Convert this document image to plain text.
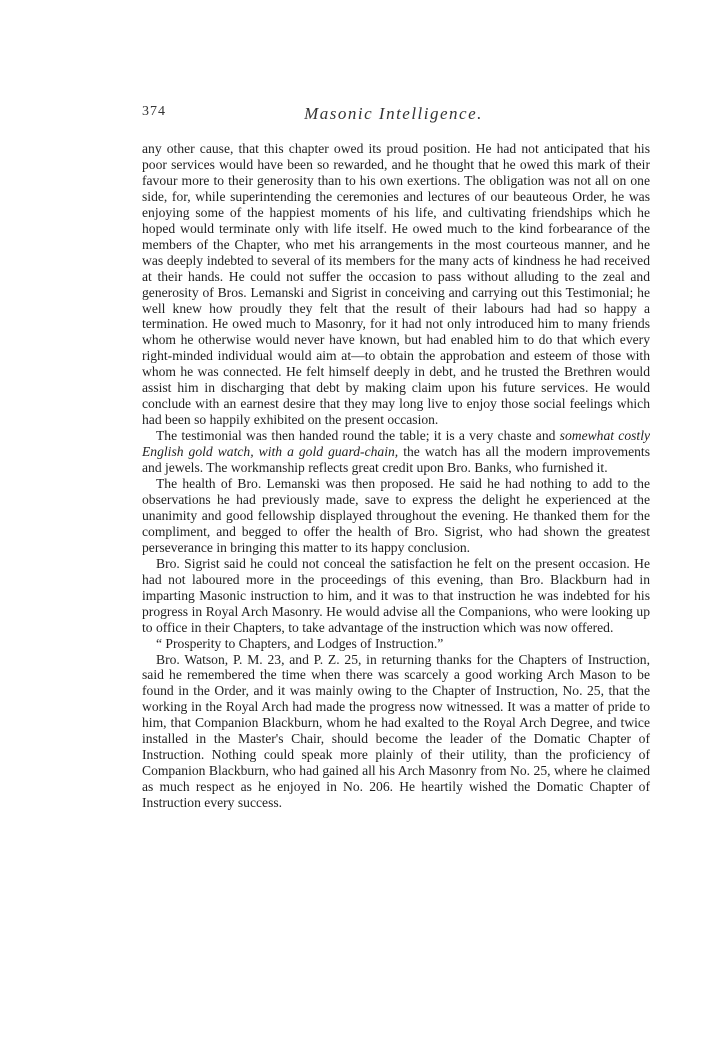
374	Masonic Intelligence.

any other cause, that this chapter owed its proud position. He had not anticipated that his poor services would have been so rewarded, and he thought that he owed this mark of their favour more to their generosity than to his own exertions. The obligation was not all on one side, for, while superintending the ceremonies and lectures of our beauteous Order, he was enjoying some of the happiest moments of his life, and cultivating friendships which he hoped would terminate only with life itself. He owed much to the kind forbearance of the members of the Chapter, who met his arrangements in the most courteous manner, and he was deeply indebted to several of its members for the many acts of kindness he had received at their hands. He could not suffer the occasion to pass without alluding to the zeal and generosity of Bros. Lemanski and Sigrist in conceiving and carrying out this Testimonial; he well knew how proudly they felt that the result of their labours had had so happy a termination. He owed much to Masonry, for it had not only introduced him to many friends whom he otherwise would never have known, but had enabled him to do that which every right-minded individual would aim at—to obtain the approbation and esteem of those with whom he was connected. He felt himself deeply in debt, and he trusted the Brethren would assist him in discharging that debt by making claim upon his future services. He would conclude with an earnest desire that they may long live to enjoy those social feelings which had been so happily exhibited on the present occasion.

The testimonial was then handed round the table; it is a very chaste and somewhat costly English gold watch, with a gold guard-chain, the watch has all the modern improvements and jewels. The workmanship reflects great credit upon Bro. Banks, who furnished it.

The health of Bro. Lemanski was then proposed. He said he had nothing to add to the observations he had previously made, save to express the delight he experienced at the unanimity and good fellowship displayed throughout the evening. He thanked them for the compliment, and begged to offer the health of Bro. Sigrist, who had shown the greatest perseverance in bringing this matter to its happy conclusion.

Bro. Sigrist said he could not conceal the satisfaction he felt on the present occasion. He had not laboured more in the proceedings of this evening, than Bro. Blackburn had in imparting Masonic instruction to him, and it was to that instruction he was indebted for his progress in Royal Arch Masonry. He would advise all the Companions, who were looking up to office in their Chapters, to take advantage of the instruction which was now offered.

“ Prosperity to Chapters, and Lodges of Instruction.”

Bro. Watson, P. M. 23, and P. Z. 25, in returning thanks for the Chapters of Instruction, said he remembered the time when there was scarcely a good working Arch Mason to be found in the Order, and it was mainly owing to the Chapter of Instruction, No. 25, that the working in the Royal Arch had made the progress now witnessed. It was a matter of pride to him, that Companion Blackburn, whom he had exalted to the Royal Arch Degree, and twice installed in the Master's Chair, should become the leader of the Domatic Chapter of Instruction. Nothing could speak more plainly of their utility, than the proficiency of Companion Blackburn, who had gained all his Arch Masonry from No. 25, where he claimed as much respect as he enjoyed in No. 206. He heartily wished the Domatic Chapter of Instruction every success.
